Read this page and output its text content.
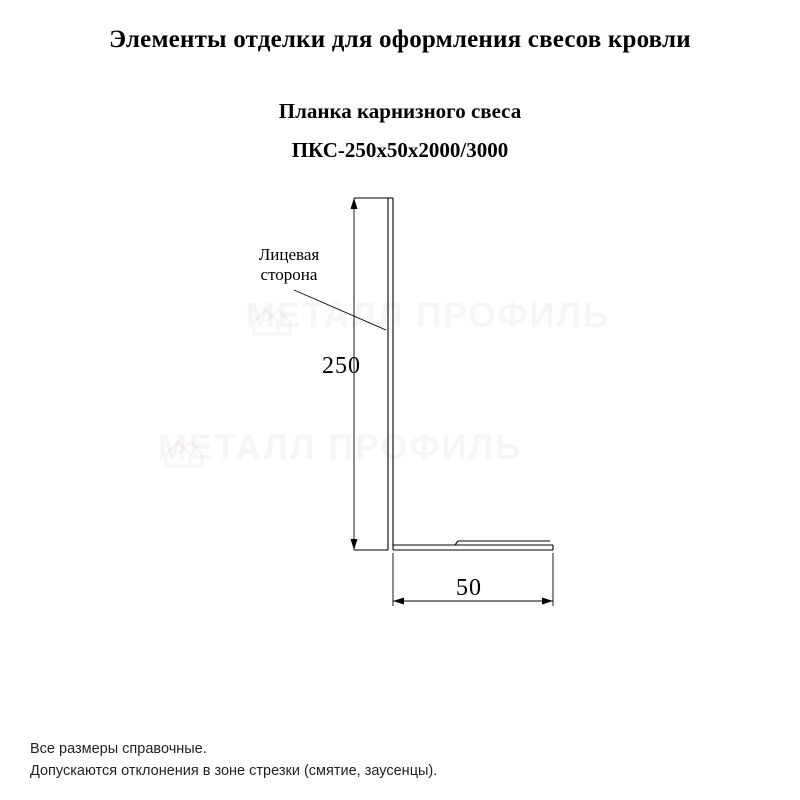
МЕТАЛЛ ПРОФИЛЬ
МЕТАЛЛ ПРОФИЛЬ
Элементы отделки для оформления свесов кровли
Планка карнизного свеса
ПКС-250x50x2000/3000
Лицевая
сторона
250
50
Все размеры справочные.
Допускаются отклонения в зоне стрезки (смятие, заусенцы).
